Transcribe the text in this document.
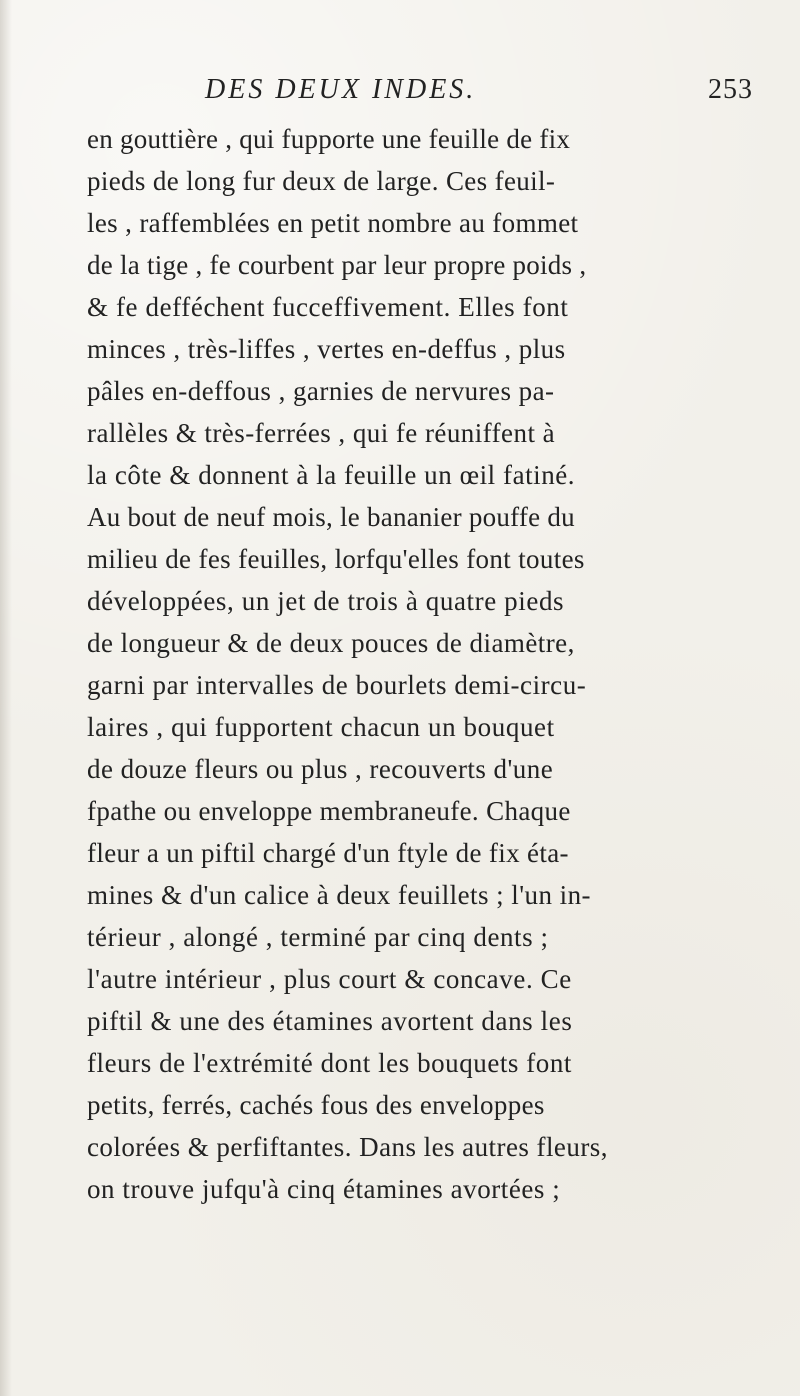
DES DEUX INDES.	253
en gouttière , qui fupporte une feuille de fix
pieds de long fur deux de large. Ces feuil-
les , raffemblées en petit nombre au fommet
de la tige , fe courbent par leur propre poids ,
& fe defféchent fucceffivement. Elles font
minces , très-liffes , vertes en-deffus , plus
pâles en-deffous , garnies de nervures pa-
rallèles & très-ferrées , qui fe réuniffent à
la côte & donnent à la feuille un œil fatiné.
Au bout de neuf mois, le bananier pouffe du
milieu de fes feuilles, lorfqu'elles font toutes
développées, un jet de trois à quatre pieds
de longueur & de deux pouces de diamètre,
garni par intervalles de bourlets demi-circu-
laires , qui fupportent chacun un bouquet
de douze fleurs ou plus , recouverts d'une
fpathe ou enveloppe membraneufe. Chaque
fleur a un piftil chargé d'un ftyle de fix éta-
mines & d'un calice à deux feuillets ; l'un in-
térieur , alongé , terminé par cinq dents ;
l'autre intérieur , plus court & concave. Ce
piftil & une des étamines avortent dans les
fleurs de l'extrémité dont les bouquets font
petits, ferrés, cachés fous des enveloppes
colorées & perfiftantes. Dans les autres fleurs,
on trouve jufqu'à cinq étamines avortées ;
